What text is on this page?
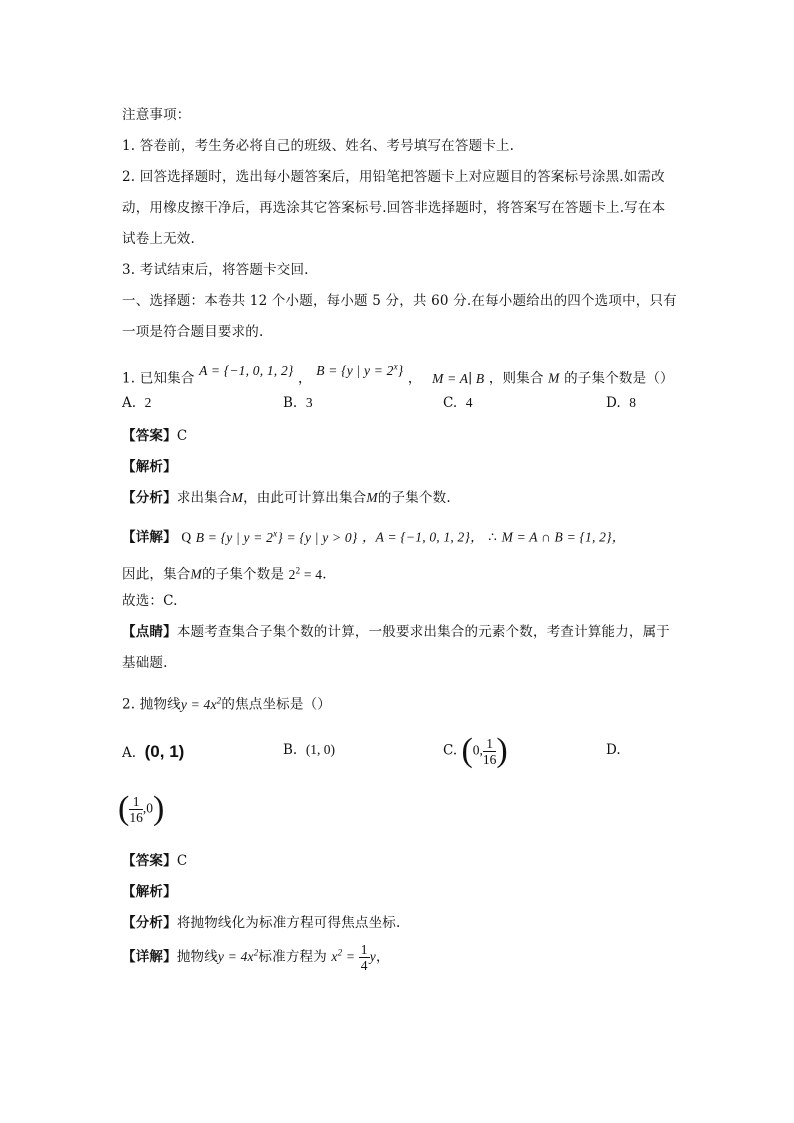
注意事项：
1. 答卷前，考生务必将自己的班级、姓名、考号填写在答题卡上.
2. 回答选择题时，选出每小题答案后，用铅笔把答题卡上对应题目的答案标号涂黑.如需改
动，用橡皮擦干净后，再选涂其它答案标号.回答非选择题时，将答案写在答题卡上.写在本
试卷上无效.
3. 考试结束后，将答题卡交回.
一、选择题：本卷共 12 个小题，每小题 5 分，共 60 分.在每小题给出的四个选项中，只有
一项是符合题目要求的.
1. 已知集合 A = {−1, 0, 1, 2} ， B = {y | $y = 2^x$} ， M = A∣ B ，则集合 M 的子集个数是（）
A. 2	B. 3	C. 4	D. 8
【答案】C
【解析】
【分析】求出集合M，由此可计算出集合M的子集个数.
【详解】 Q B = {y | $y = 2^x\} = \{y$ | y > 0} ，A = {−1, 0, 1, 2}， ∴ M = A ∩ B = {1, 2}，
因此，集合M的子集个数是 $2^2 = 4$.
故选：C.
【点睛】本题考查集合子集个数的计算，一般要求出集合的元素个数，考查计算能力，属于
基础题.
2. 抛物线$y = 4x^2$的焦点坐标是（）
A. (0, 1)	B. (1, 0)	C. (0, $\frac{1}{16}$ )	D.
( $\frac{1}{16} ,0$)
【答案】C
【解析】
【分析】将抛物线化为标准方程可得焦点坐标.
【详解】抛物线$y = 4x^2$标准方程为 $x^2 = \frac{1}{4}$ y，
